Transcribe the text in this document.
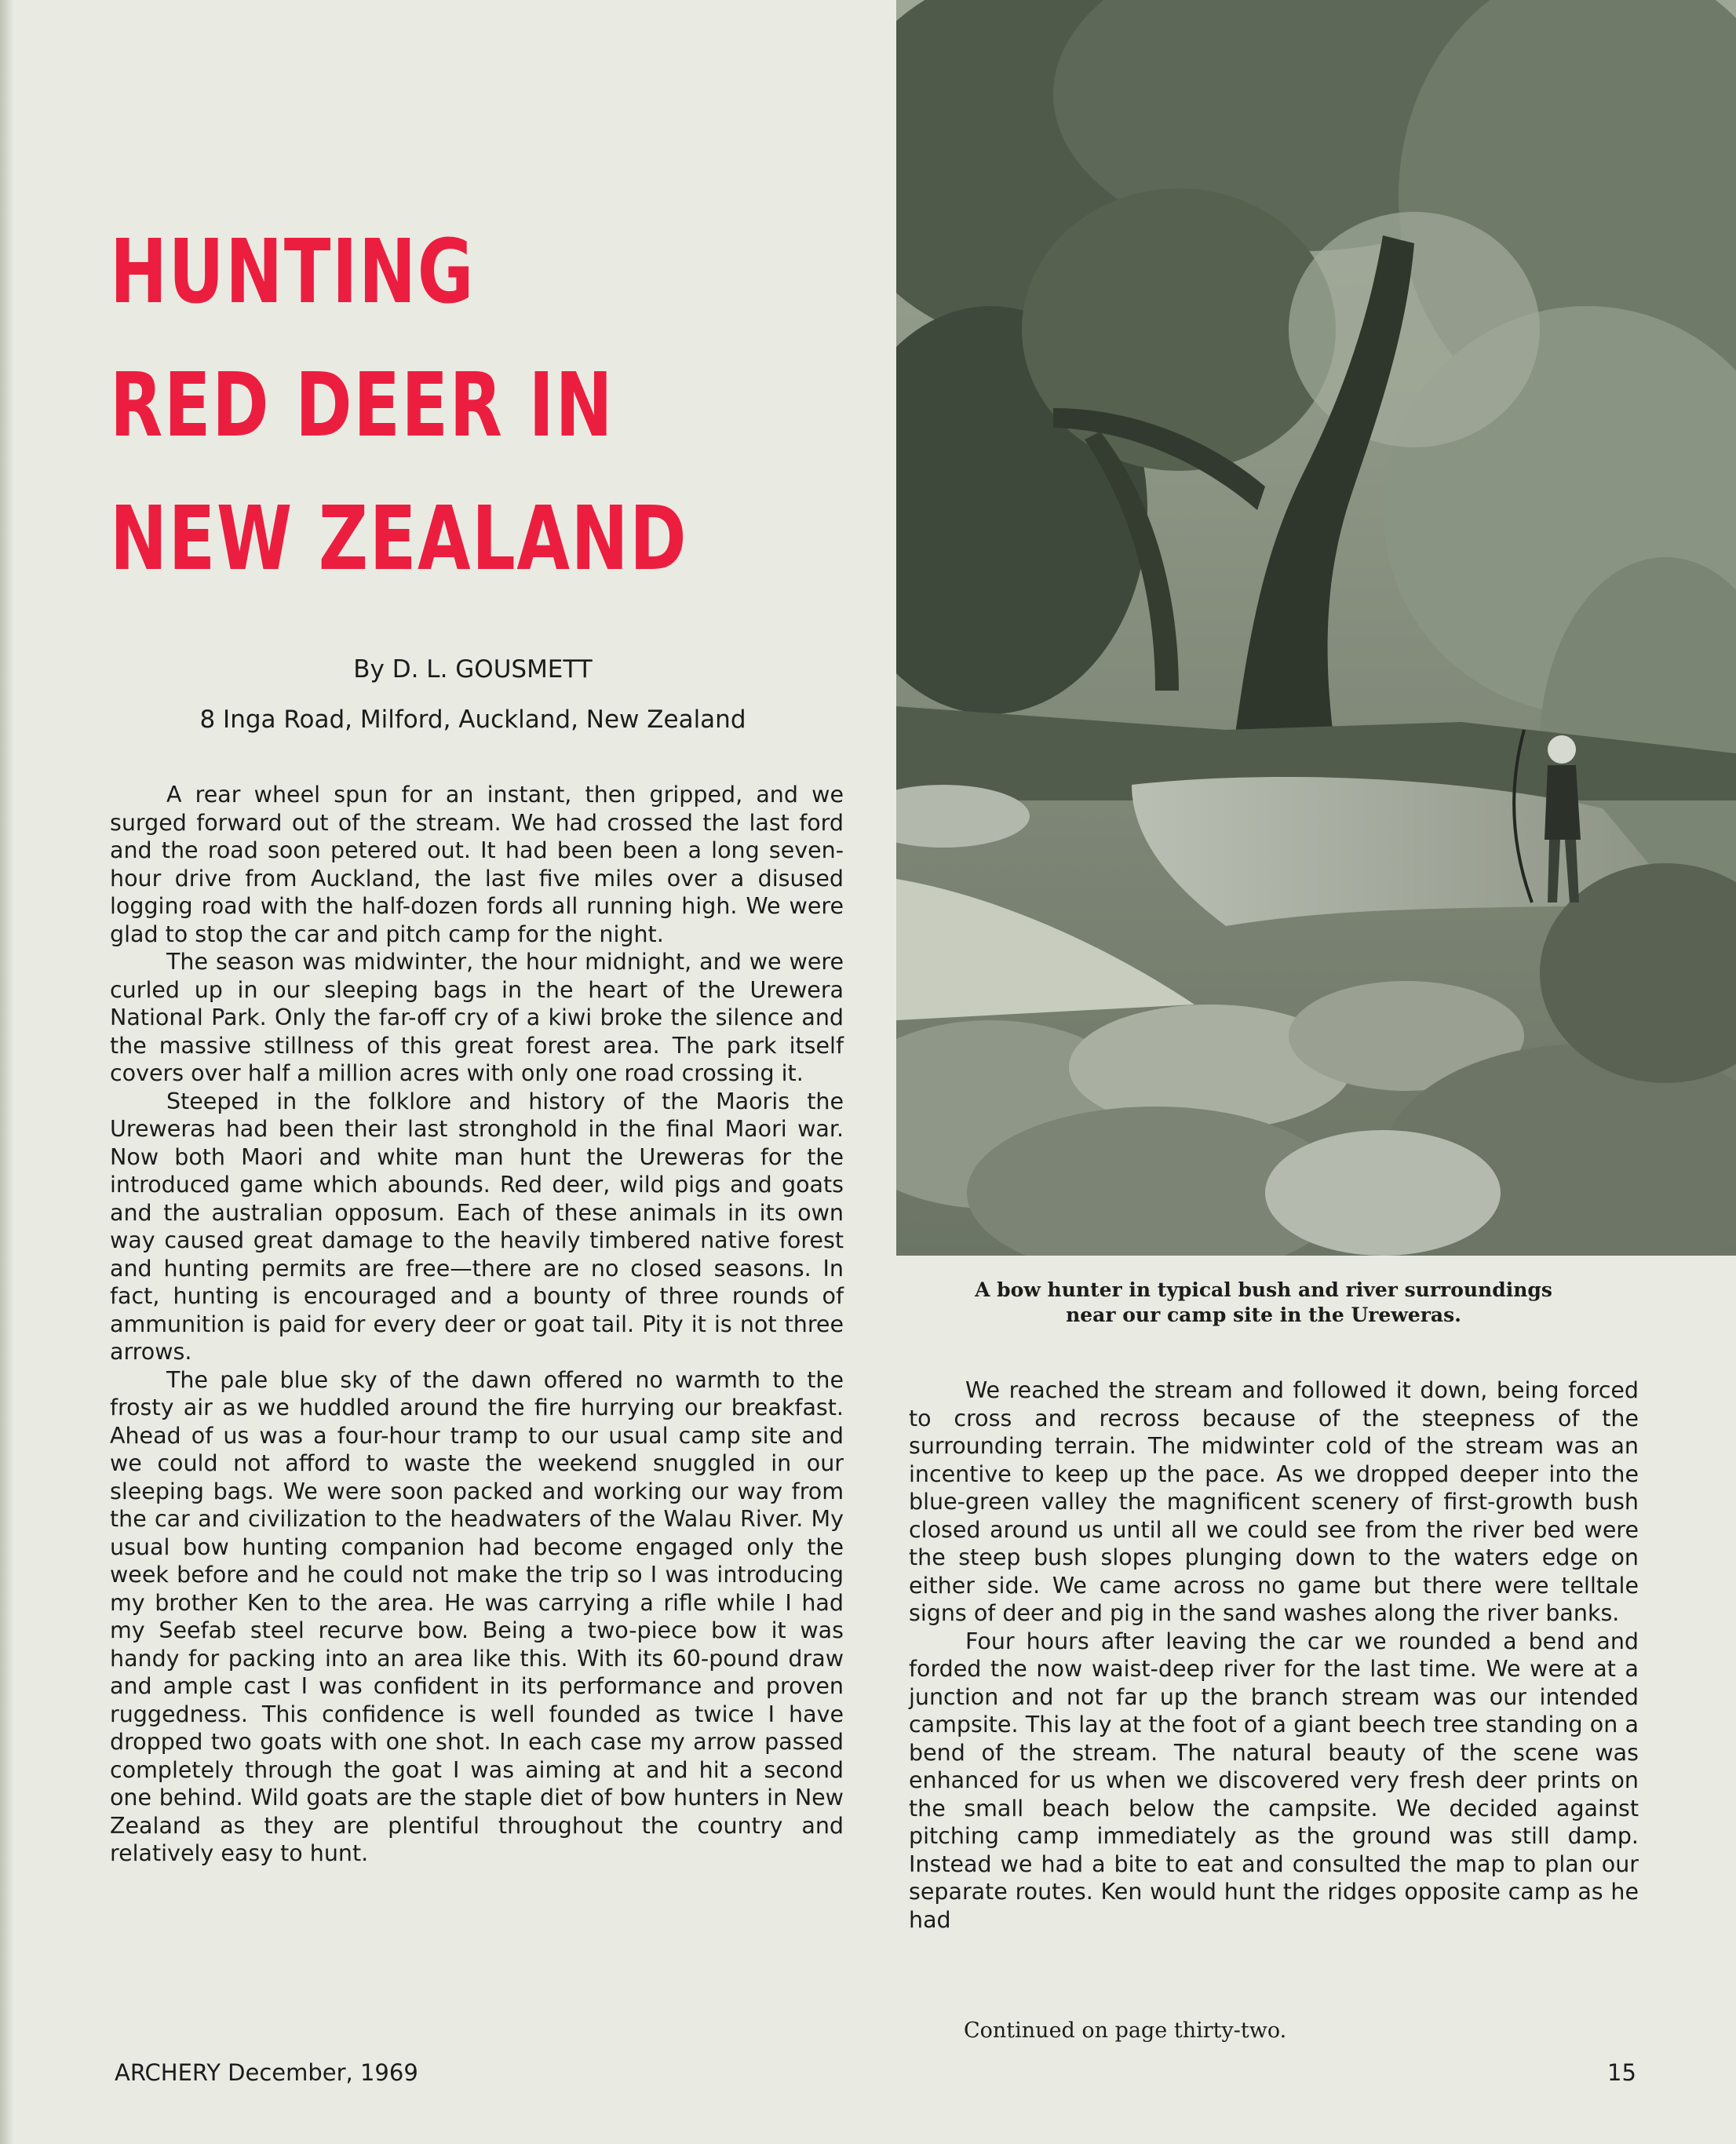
HUNTING
RED DEER IN
NEW ZEALAND
By D. L. GOUSMETT
8 Inga Road, Milford, Auckland, New Zealand

A rear wheel spun for an instant, then gripped, and we surged forward out of the stream. We had crossed the last ford and the road soon petered out. It had been been a long seven-hour drive from Auckland, the last five miles over a disused logging road with the half-dozen fords all running high. We were glad to stop the car and pitch camp for the night.

The season was midwinter, the hour midnight, and we were curled up in our sleeping bags in the heart of the Urewera National Park. Only the far-off cry of a kiwi broke the silence and the massive stillness of this great forest area. The park itself covers over half a million acres with only one road crossing it.

Steeped in the folklore and history of the Maoris the Ureweras had been their last stronghold in the final Maori war. Now both Maori and white man hunt the Ureweras for the introduced game which abounds. Red deer, wild pigs and goats and the australian opposum. Each of these animals in its own way caused great damage to the heavily timbered native forest and hunting permits are free—there are no closed seasons. In fact, hunting is encouraged and a bounty of three rounds of ammunition is paid for every deer or goat tail. Pity it is not three arrows.

The pale blue sky of the dawn offered no warmth to the frosty air as we huddled around the fire hurrying our breakfast. Ahead of us was a four-hour tramp to our usual camp site and we could not afford to waste the weekend snuggled in our sleeping bags. We were soon packed and working our way from the car and civilization to the headwaters of the Walau River. My usual bow hunting companion had become engaged only the week before and he could not make the trip so I was introducing my brother Ken to the area. He was carrying a rifle while I had my Seefab steel recurve bow. Being a two-piece bow it was handy for packing into an area like this. With its 60-pound draw and ample cast I was confident in its performance and proven ruggedness. This confidence is well founded as twice I have dropped two goats with one shot. In each case my arrow passed completely through the goat I was aiming at and hit a second one behind. Wild goats are the staple diet of bow hunters in New Zealand as they are plentiful throughout the country and relatively easy to hunt.

A bow hunter in typical bush and river surroundings
near our camp site in the Ureweras.

We reached the stream and followed it down, being forced to cross and recross because of the steepness of the surrounding terrain. The midwinter cold of the stream was an incentive to keep up the pace. As we dropped deeper into the blue-green valley the magnificent scenery of first-growth bush closed around us until all we could see from the river bed were the steep bush slopes plunging down to the waters edge on either side. We came across no game but there were telltale signs of deer and pig in the sand washes along the river banks.

Four hours after leaving the car we rounded a bend and forded the now waist-deep river for the last time. We were at a junction and not far up the branch stream was our intended campsite. This lay at the foot of a giant beech tree standing on a bend of the stream. The natural beauty of the scene was enhanced for us when we discovered very fresh deer prints on the small beach below the campsite. We decided against pitching camp immediately as the ground was still damp. Instead we had a bite to eat and consulted the map to plan our separate routes. Ken would hunt the ridges opposite camp as he had

Continued on page thirty-two.
ARCHERY December, 1969	15
